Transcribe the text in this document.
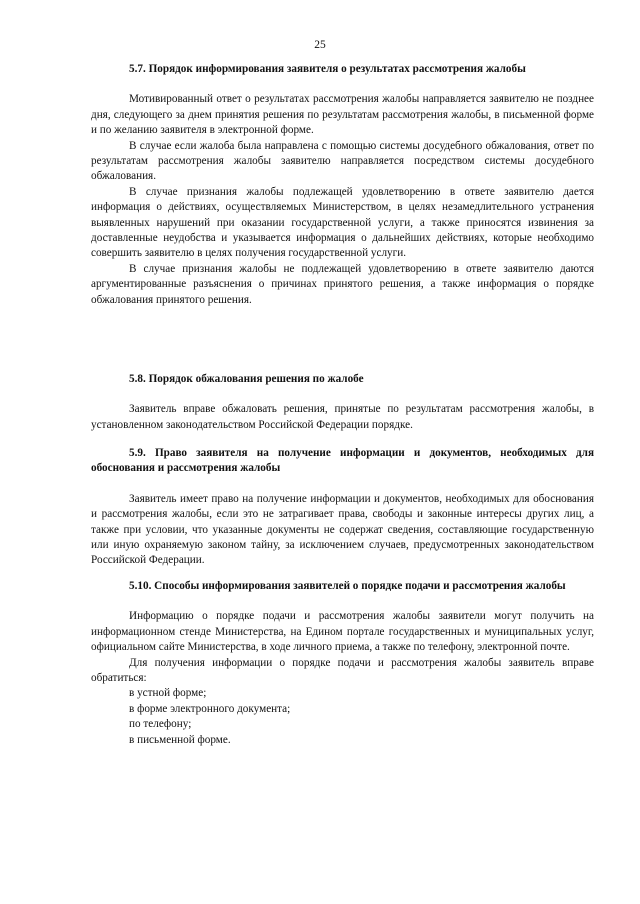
25

5.7. Порядок информирования заявителя о результатах рассмотрения жалобы

Мотивированный ответ о результатах рассмотрения жалобы направляется заявителю не позднее дня, следующего за днем принятия решения по результатам рассмотрения жалобы, в письменной форме и по желанию заявителя в электронной форме.

В случае если жалоба была направлена с помощью системы досудебного обжалования, ответ по результатам рассмотрения жалобы заявителю направляется посредством системы досудебного обжалования.

В случае признания жалобы подлежащей удовлетворению в ответе заявителю дается информация о действиях, осуществляемых Министерством, в целях незамедлительного устранения выявленных нарушений при оказании государственной услуги, а также приносятся извинения за доставленные неудобства и указывается информация о дальнейших действиях, которые необходимо совершить заявителю в целях получения государственной услуги.

В случае признания жалобы не подлежащей удовлетворению в ответе заявителю даются аргументированные разъяснения о причинах принятого решения, а также информация о порядке обжалования принятого решения.

5.8. Порядок обжалования решения по жалобе

Заявитель вправе обжаловать решения, принятые по результатам рассмотрения жалобы, в установленном законодательством Российской Федерации порядке.

5.9. Право заявителя на получение информации и документов, необходимых для обоснования и рассмотрения жалобы

Заявитель имеет право на получение информации и документов, необходимых для обоснования и рассмотрения жалобы, если это не затрагивает права, свободы и законные интересы других лиц, а также при условии, что указанные документы не содержат сведения, составляющие государственную или иную охраняемую законом тайну, за исключением случаев, предусмотренных законодательством Российской Федерации.

5.10. Способы информирования заявителей о порядке подачи и рассмотрения жалобы

Информацию о порядке подачи и рассмотрения жалобы заявители могут получить на информационном стенде Министерства, на Едином портале государственных и муниципальных услуг, официальном сайте Министерства, в ходе личного приема, а также по телефону, электронной почте.

Для получения информации о порядке подачи и рассмотрения жалобы заявитель вправе обратиться:

в устной форме;

в форме электронного документа;

по телефону;

в письменной форме.
